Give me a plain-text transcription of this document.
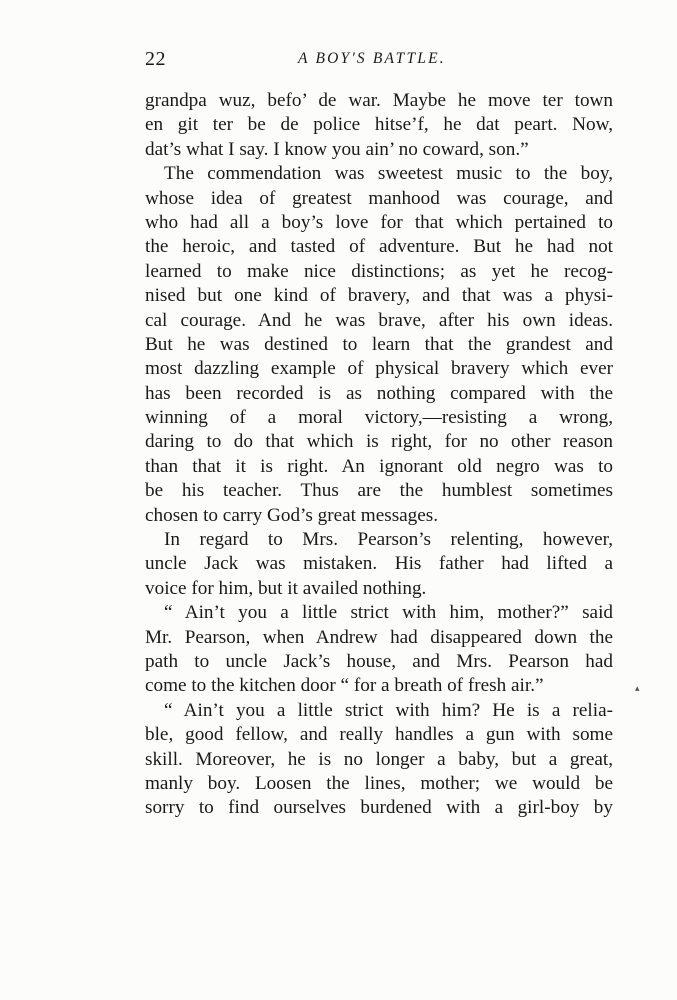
22	A BOY'S BATTLE.
grandpa wuz, befo’ de war. Maybe he move ter town
en git ter be de police hitse’f, he dat peart. Now,
dat’s what I say. I know you ain’ no coward, son.”
The commendation was sweetest music to the boy,
whose idea of greatest manhood was courage, and
who had all a boy’s love for that which pertained to
the heroic, and tasted of adventure. But he had not
learned to make nice distinctions; as yet he recog-
nised but one kind of bravery, and that was a physi-
cal courage. And he was brave, after his own ideas.
But he was destined to learn that the grandest and
most dazzling example of physical bravery which ever
has been recorded is as nothing compared with the
winning of a moral victory,—resisting a wrong,
daring to do that which is right, for no other reason
than that it is right. An ignorant old negro was to
be his teacher. Thus are the humblest sometimes
chosen to carry God’s great messages.
In regard to Mrs. Pearson’s relenting, however,
uncle Jack was mistaken. His father had lifted a
voice for him, but it availed nothing.
“ Ain’t you a little strict with him, mother?” said
Mr. Pearson, when Andrew had disappeared down the
path to uncle Jack’s house, and Mrs. Pearson had
come to the kitchen door “ for a breath of fresh air.”
“ Ain’t you a little strict with him? He is a relia-
ble, good fellow, and really handles a gun with some
skill. Moreover, he is no longer a baby, but a great,
manly boy. Loosen the lines, mother; we would be
sorry to find ourselves burdened with a girl-boy by
▴
